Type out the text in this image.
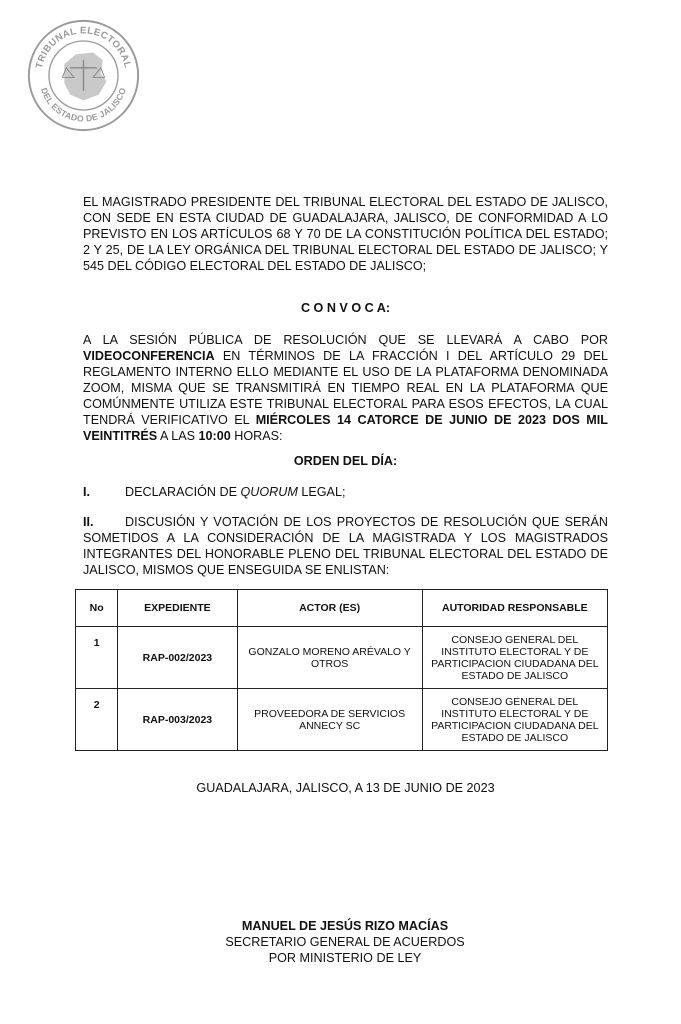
TRIBUNAL ELECTORAL
DEL ESTADO DE JALISCO
EL MAGISTRADO PRESIDENTE DEL TRIBUNAL ELECTORAL DEL ESTADO DE JALISCO, CON SEDE EN ESTA CIUDAD DE GUADALAJARA, JALISCO, DE CONFORMIDAD A LO PREVISTO EN LOS ARTÍCULOS 68 Y 70 DE LA CONSTITUCIÓN POLÍTICA DEL ESTADO; 2 Y 25, DE LA LEY ORGÁNICA DEL TRIBUNAL ELECTORAL DEL ESTADO DE JALISCO; Y 545 DEL CÓDIGO ELECTORAL DEL ESTADO DE JALISCO;
C O N V O C A:
A LA SESIÓN PÚBLICA DE RESOLUCIÓN QUE SE LLEVARÁ A CABO POR VIDEOCONFERENCIA EN TÉRMINOS DE LA FRACCIÓN I DEL ARTÍCULO 29 DEL REGLAMENTO INTERNO ELLO MEDIANTE EL USO DE LA PLATAFORMA DENOMINADA ZOOM, MISMA QUE SE TRANSMITIRÁ EN TIEMPO REAL EN LA PLATAFORMA QUE COMÚNMENTE UTILIZA ESTE TRIBUNAL ELECTORAL PARA ESOS EFECTOS, LA CUAL TENDRÁ VERIFICATIVO EL MIÉRCOLES 14 CATORCE DE JUNIO DE 2023 DOS MIL VEINTITRÉS A LAS 10:00 HORAS:
ORDEN DEL DÍA:
I.	DECLARACIÓN DE QUORUM LEGAL;
II.	DISCUSIÓN Y VOTACIÓN DE LOS PROYECTOS DE RESOLUCIÓN QUE SERÁN SOMETIDOS A LA CONSIDERACIÓN DE LA MAGISTRADA Y LOS MAGISTRADOS INTEGRANTES DEL HONORABLE PLENO DEL TRIBUNAL ELECTORAL DEL ESTADO DE JALISCO, MISMOS QUE ENSEGUIDA SE ENLISTAN:
No	EXPEDIENTE	ACTOR (ES)	AUTORIDAD RESPONSABLE
1	RAP-002/2023	GONZALO MORENO ARÉVALO Y OTROS	CONSEJO GENERAL DEL INSTITUTO ELECTORAL Y DE PARTICIPACION CIUDADANA DEL ESTADO DE JALISCO
2	RAP-003/2023	PROVEEDORA DE SERVICIOS ANNECY SC	CONSEJO GENERAL DEL INSTITUTO ELECTORAL Y DE PARTICIPACION CIUDADANA DEL ESTADO DE JALISCO
GUADALAJARA, JALISCO, A 13 DE JUNIO DE 2023
MANUEL DE JESÚS RIZO MACÍAS
SECRETARIO GENERAL DE ACUERDOS
POR MINISTERIO DE LEY
